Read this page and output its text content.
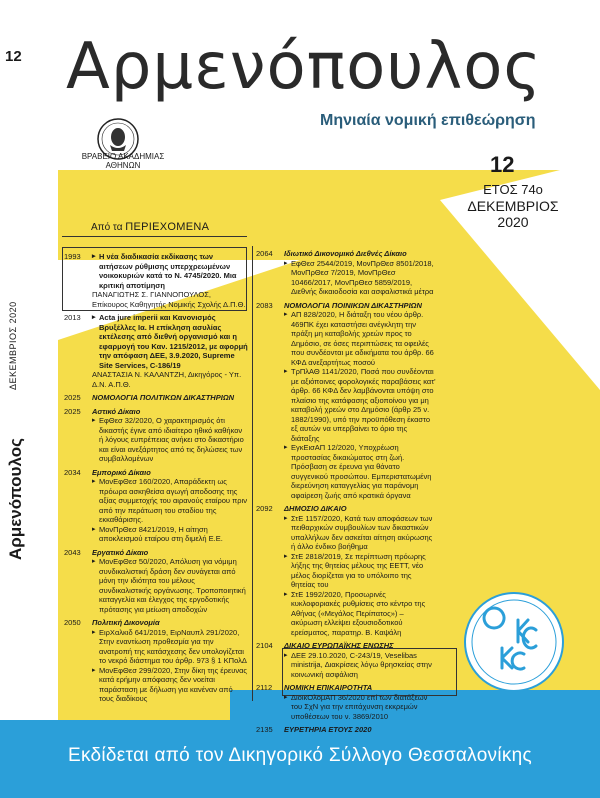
12 Αρμενόπουλος
Μηνιαία νομική επιθεώρηση
ΒΡΑΒΕΙΟ ΑΚΑΔΗΜΙΑΣ ΑΘΗΝΩΝ	12
ΕΤΟΣ 74ο
ΔΕΚΕΜΒΡΙΟΣ
2020
ΔΕΚΕΜΒΡΙΟΣ 2020
Αρμενόπουλος
Από τα ΠΕΡΙΕΧΟΜΕΝΑ
1993	▸ Η νέα διαδικασία εκδίκασης των αιτήσεων ρύθμισης υπερχρεωμένων νοικοκυριών κατά το Ν. 4745/2020. Μια κριτική αποτίμηση
ΠΑΝΑΓΙΩΤΗΣ Σ. ΓΙΑΝΝΟΠΟΥΛΟΣ, Επίκουρος Καθηγητής Νομικής Σχολής Δ.Π.Θ.
2013	▸ Acta jure imperii και Κανονισμός Βρυξέλλες Ια. Η επίκληση ασυλίας εκτέλεσης από διεθνή οργανισμό και η εφαρμογή του Καν. 1215/2012, με αφορμή την απόφαση ΔΕΕ, 3.9.2020, Supreme Site Services, C-186/19
ΑΝΑΣΤΑΣΙΑ Ν. ΚΑΛΑΝΤΖΗ, Δικηγόρος - Υπ. Δ.Ν. Α.Π.Θ.
2025 ΝΟΜΟΛΟΓΙΑ ΠΟΛΙΤΙΚΩΝ ΔΙΚΑΣΤΗΡΙΩΝ
2025 Αστικό Δίκαιο
▸ ΕφΘεσ 32/2020, Ο χαρακτηρισμός ότι δικαστής έγινε από ιδιαίτερο ηθικό καθήκον ή λόγους ευπρέπειας ανήκει στο δικαστήριο και είναι ανεξάρτητος από τις δηλώσεις των συμβαλλομένων
2034 Εμπορικό Δίκαιο
▸ ΜονΕφΘεσ 160/2020, Απαράδεκτη ως πρόωρα ασκηθείσα αγωγή αποδοσης της αξίας συμμετοχής του αιρανούς εταίρου πριν από την περάτωση του σταδίου της εκκαθάρισης.
▸ ΜονΠρΘεσ 8421/2019, Η αίτηση απoκλεισμού εταίρου στη διμελή Ε.Ε.
2043 Εργατικό Δίκαιο
▸ ΜονΕφΘεσ 50/2020, Απόλυση για νόμιμη συνδικαλιστική δράση δεν συνάγεται από μόνη την ιδιότητα του μέλους συνδικαλιστικής οργάνωσης. Τροποποιητική καταγγελία και έλεγχος της εργοδοτικής πρότασης για μείωση αποδοχών
2050 Πολιτική Δικονομία
▸ ΕιρΧαλκιδ 641/2019, ΕιρΝαυπλ 291/2020, Στην εναντίωση προθεσμία για την ανατροπή της κατάσχεσης δεν υπολογίζεται το νεκρό διάστημα του άρθρ. 973 § 1 ΚΠολΔ
▸ ΜονΕφΘεσ 299/2020, Στην δίκη της έρευνας κατά ερήμην απόφασης δεν νοείται παράσταση με δήλωση για κανέναν από τους διαδίκους
2064 Ιδιωτικό Δικονομικό Διεθνές Δίκαιο
▸ ΕφΘεσ 2544/2019, ΜονΠρΘεσ 8501/2018, ΜονΠρΘεσ 7/2019, ΜονΠρΘεσ 10466/2017, ΜονΠρΘεσ 5859/2019, Διεθνής δικαιοδοσία και ασφαλιστικά μέτρα
2083 ΝΟΜΟΛΟΓΙΑ ΠΟΙΝΙΚΩΝ ΔΙΚΑΣΤΗΡΙΩΝ
▸ ΑΠ 828/2020, Η διάταξη του νέου άρθρ. 469ΠΚ έχει καταστήσει ανέγκλητη την πράξη μη καταβολής χρεών προς το Δημόσιο, σε όσες περιπτώσεις τα οφειλές που συνδέονται με αδικήματα του άρθρ. 66 ΚΦΔ ανεξαρτήτως ποσού
▸ ΤρΠλΑΘ 1141/2020, Ποσά που συνδέονται με αξιόποινες φορολογικές παραβάσεις κατ' άρθρ. 66 ΚΦΔ δεν λαμβάνονται υπόψη στο πλαίσιο της κατάφασης αξιοποίνου για μη καταβολή χρεών στο Δημόσιο (άρθρ 25 ν. 1882/1990), υπό την προϋπόθεση έκαστο εξ αυτών να υπερβαίνει το όριο της διάταξης
▸ ΕγκΕισΑΠ 12/2020, Υποχρέωση προστασίας δικαιώματος στη ζωή. Πρόσβαση σε έρευνα για θάνατο συγγενικού προσώπου. Εμπεριστατωμένη διερεύνηση καταγγελίας για παράνομη αφαίρεση ζωής από κρατικά όργανα
2092 ΔΗΜΟΣΙΟ ΔΙΚΑΙΟ
▸ ΣτΕ 1157/2020, Κατά των αποφάσεων των πειθαρχικών συμβουλίων των δικαστικών υπαλλήλων δεν ασκείται αίτηση ακύρωσης ή άλλο ένδικο βοήθημα
▸ ΣτΕ 2818/2019, Σε περίπτωση πρόωρης λήξης της θητείας μέλους της ΕΕΤΤ, νέο μέλος διορίζεται για το υπόλοιπο της θητείας του
▸ ΣτΕ 1992/2020, Προσωρινές κυκλοφοριακές ρυθμίσεις στο κέντρο της Αθήνας («Μεγάλος Περίπατος») – ακύρωση ελλείψει εξουσιοδοτικού ερείσματος, παρατηρ. Β. Καψάλη
2104 ΔΙΚΑΙΟ ΕΥΡΩΠΑΪΚΗΣ ΕΝΩΣΗΣ
▸ ΔΕΕ 29.10.2020, C-243/19, Veselibas ministrija, Διακρίσεις λόγω θρησκείας στην κοινωνική ασφάλιση
2112 ΝΟΜΙΚΗ ΕΠΙΚΑΙΡΟΤΗΤΑ
▸ ΔιοικΟλομΑΠ 36/2020 επί των διατάξεων του ΣχΝ για την επιτάχυνση εκκρεμών υποθέσεων του ν. 3869/2010
2135 ΕΥΡΕΤΗΡΙΑ ΕΤΟΥΣ 2020
Εκδίδεται από τον Δικηγορικό Σύλλογο Θεσσαλονίκης
